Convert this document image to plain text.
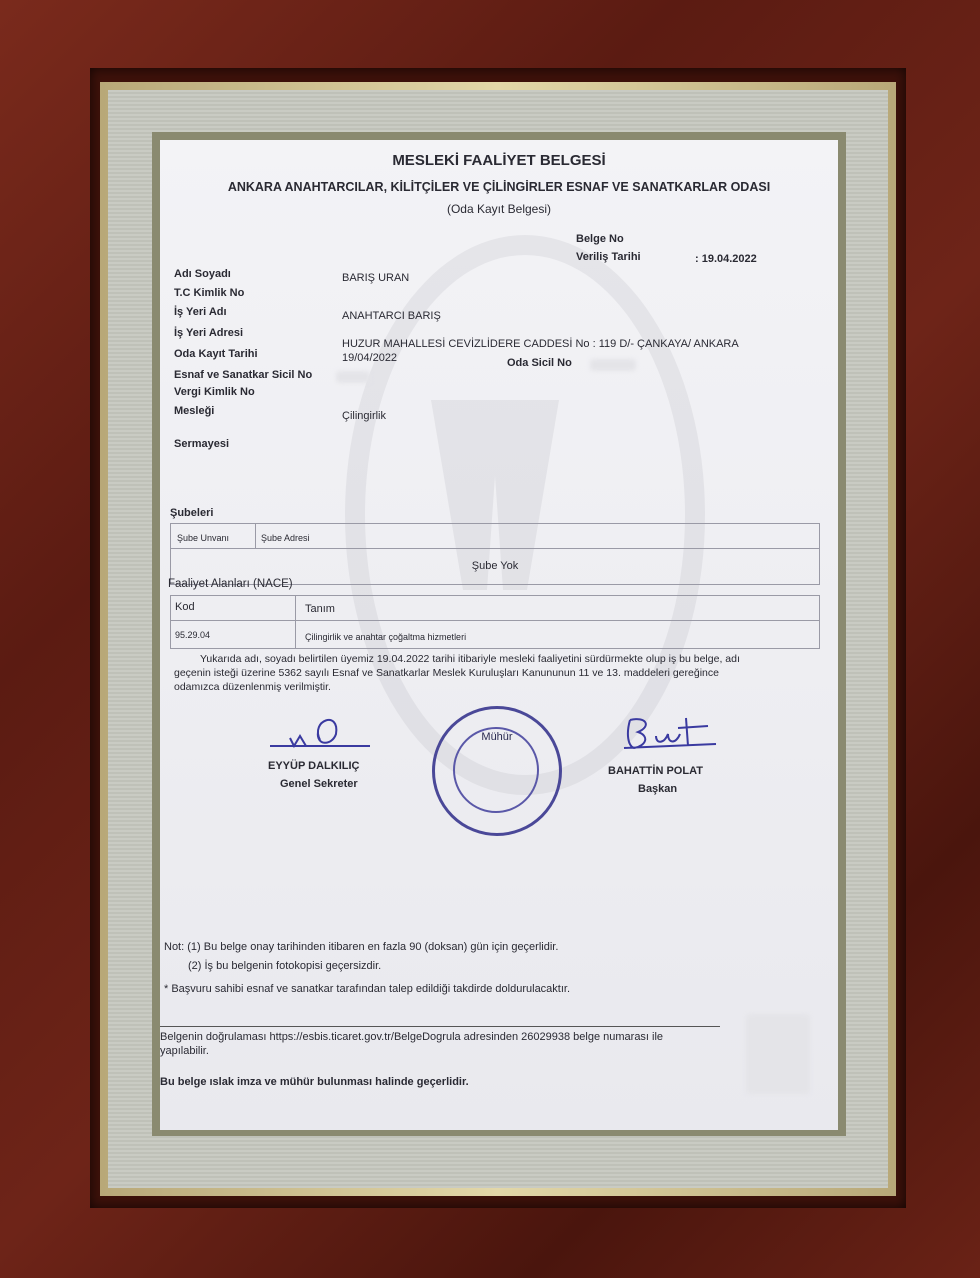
MESLEKİ FAALİYET BELGESİ
ANKARA ANAHTARCILAR, KİLİTÇİLER VE ÇİLİNGİRLER ESNAF VE SANATKARLAR ODASI
(Oda Kayıt Belgesi)
Belge No
Veriliş Tarihi	: 19.04.2022
Adı Soyadı	BARIŞ URAN
T.C Kimlik No
İş Yeri Adı	ANAHTARCI BARIŞ
İş Yeri Adresi
HUZUR MAHALLESİ CEVİZLİDERE CADDESİ No : 119 D/- ÇANKAYA/ ANKARA
Oda Kayıt Tarihi	19/04/2022	Oda Sicil No
Esnaf ve Sanatkar Sicil No
Vergi Kimlik No
Mesleği	Çilingirlik
Sermayesi
Şubeleri
Şube Unvanı	Şube Adresi
Şube Yok
Faaliyet Alanları (NACE)
Kod	Tanım
95.29.04	Çilingirlik ve anahtar çoğaltma hizmetleri
Yukarıda adı, soyadı belirtilen üyemiz 19.04.2022 tarihi itibariyle mesleki faaliyetini sürdürmekte olup iş bu belge, adı
geçenin isteği üzerine 5362 sayılı Esnaf ve Sanatkarlar Meslek Kuruluşları Kanununun 11 ve 13. maddeleri gereğince
odamızca düzenlenmiş verilmiştir.
EYYÜP DALKILIÇ
Genel Sekreter
Mühür
BAHATTİN POLAT
Başkan
Not: (1) Bu belge onay tarihinden itibaren en fazla 90 (doksan) gün için geçerlidir.
(2) İş bu belgenin fotokopisi geçersizdir.
* Başvuru sahibi esnaf ve sanatkar tarafından talep edildiği takdirde doldurulacaktır.
Belgenin doğrulaması https://esbis.ticaret.gov.tr/BelgeDogrula adresinden 26029938 belge numarası ile
yapılabilir.
Bu belge ıslak imza ve mühür bulunması halinde geçerlidir.
